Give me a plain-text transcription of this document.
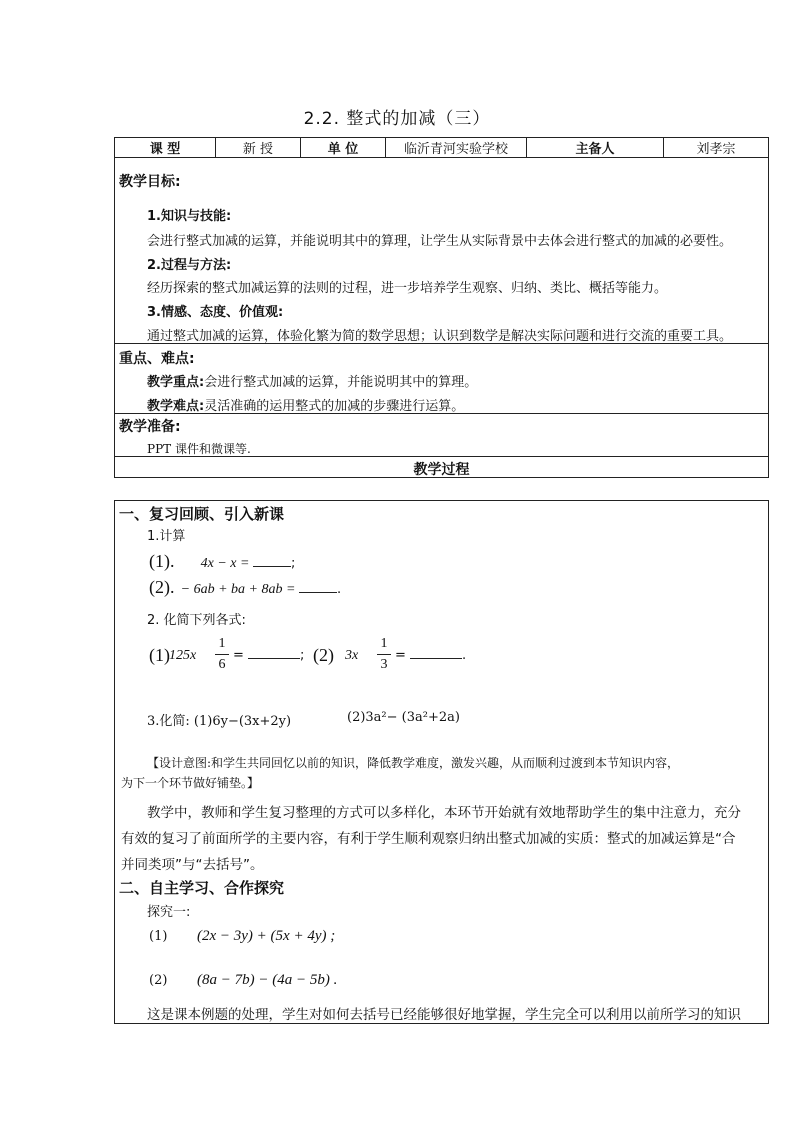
2.2. 整式的加减（三）
课 型	新 授	单 位	临沂青河实验学校	主备人	刘孝宗
教学目标:
1.知识与技能:
会进行整式加减的运算，并能说明其中的算理，让学生从实际背景中去体会进行整式的加减的必要性。
2.过程与方法:
经历探索的整式加减运算的法则的过程，进一步培养学生观察、归纳、类比、概括等能力。
3.情感、态度、价值观:
通过整式加减的运算，体验化繁为简的数学思想；认识到数学是解决实际问题和进行交流的重要工具。
重点、难点:
教学重点:会进行整式加减的运算，并能说明其中的算理。
教学难点:灵活准确的运用整式的加减的步骤进行运算。
教学准备:
PPT 课件和微课等.
教学过程
一、复习回顾、引入新课
1.计算
(1). 4x − x =	;
(2). − 6ab + ba + 8ab =	.
2. 化简下列各式:
(1) 125x
1
6
=	; (2) 3x
1
3
=	.
3.化简: (1)6y−(3x+2y)	(2)3a²− (3a²+2a)
【设计意图:和学生共同回忆以前的知识，降低教学难度，激发兴趣，从而顺利过渡到本节知识内容，
为下一个环节做好铺垫。】
教学中，教师和学生复习整理的方式可以多样化，本环节开始就有效地帮助学生的集中注意力，充分
有效的复习了前面所学的主要内容，有利于学生顺利观察归纳出整式加减的实质：整式的加减运算是“合
并同类项”与“去括号”。
二、自主学习、合作探究
探究一:
(1) (2x − 3y) + (5x + 4y) ;
(2) (8a − 7b) − (4a − 5b) .
这是课本例题的处理，学生对如何去括号已经能够很好地掌握，学生完全可以利用以前所学习的知识
